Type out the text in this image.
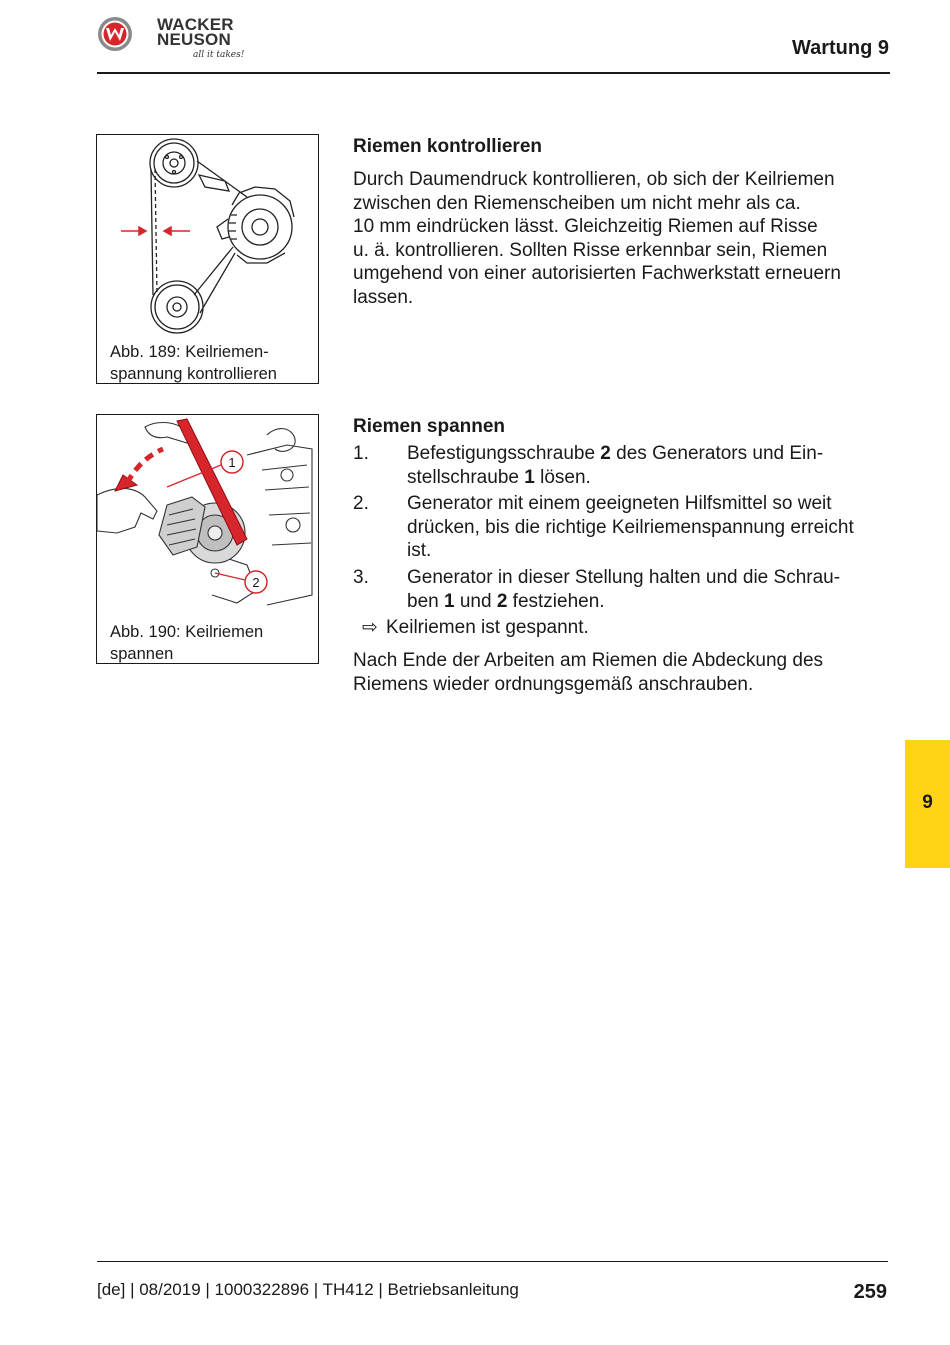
WACKER
NEUSON
all it takes!	Wartung 9
Abb. 189: Keilriemen-
spannung kontrollieren
1
2
Abb. 190: Keilriemen
spannen
Riemen kontrollieren
Durch Daumendruck kontrollieren, ob sich der Keilriemen
zwischen den Riemenscheiben um nicht mehr als ca.
10 mm eindrücken lässt. Gleichzeitig Riemen auf Risse
u. ä. kontrollieren. Sollten Risse erkennbar sein, Riemen
umgehend von einer autorisierten Fachwerkstatt erneuern
lassen.
Riemen spannen
1. Befestigungsschraube 2 des Generators und Ein-
stellschraube 1 lösen.
2. Generator mit einem geeigneten Hilfsmittel so weit
drücken, bis die richtige Keilriemenspannung erreicht
ist.
3. Generator in dieser Stellung halten und die Schrau-
ben 1 und 2 festziehen.
⇨ Keilriemen ist gespannt.
Nach Ende der Arbeiten am Riemen die Abdeckung des
Riemens wieder ordnungsgemäß anschrauben.
9
[de] | 08/2019 | 1000322896 | TH412 | Betriebsanleitung	259
